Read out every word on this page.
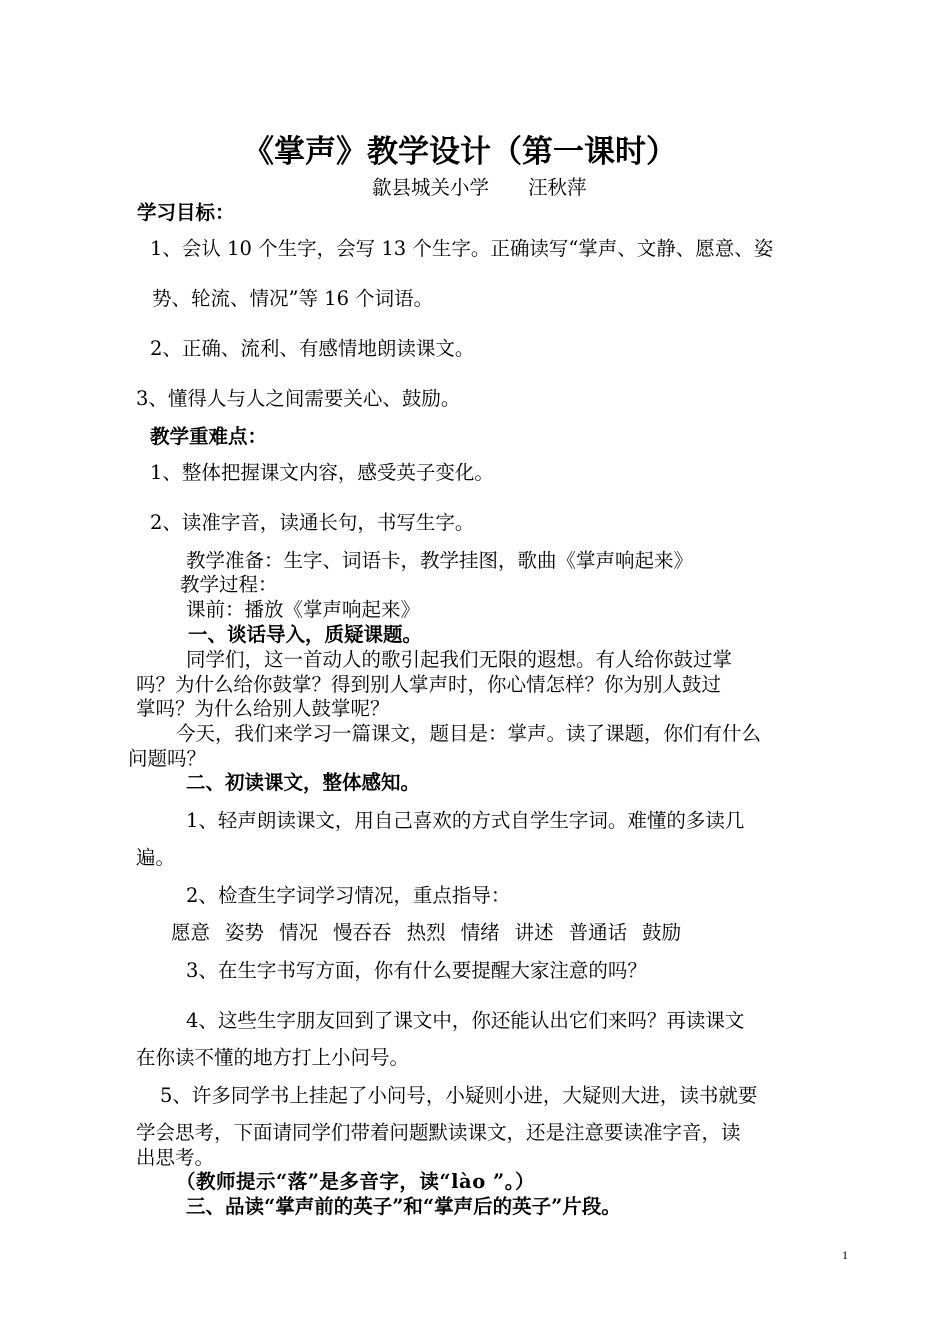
《掌声》教学设计（第一课时）

歙县城关小学　　汪秋萍

学习目标：

1、会认 10 个生字，会写 13 个生字。正确读写“掌声、文静、愿意、姿

势、轮流、情况”等 16 个词语。

2、正确、流利、有感情地朗读课文。

3、懂得人与人之间需要关心、鼓励。

教学重难点：

1、整体把握课文内容，感受英子变化。

2、读准字音，读通长句，书写生字。

教学准备：生字、词语卡，教学挂图，歌曲《掌声响起来》

教学过程：

课前：播放《掌声响起来》

一、谈话导入，质疑课题。

同学们，这一首动人的歌引起我们无限的遐想。有人给你鼓过掌

吗？为什么给你鼓掌？得到别人掌声时，你心情怎样？你为别人鼓过

掌吗？为什么给别人鼓掌呢？

今天，我们来学习一篇课文，题目是：掌声。读了课题，你们有什么

问题吗？

二、初读课文，整体感知。

1、轻声朗读课文，用自己喜欢的方式自学生字词。难懂的多读几

遍。

2、检查生字词学习情况，重点指导：

愿意 姿势 情况 慢吞吞 热烈 情绪 讲述 普通话 鼓励

3、在生字书写方面，你有什么要提醒大家注意的吗？

4、这些生字朋友回到了课文中，你还能认出它们来吗？再读课文

在你读不懂的地方打上小问号。

5、许多同学书上挂起了小问号，小疑则小进，大疑则大进，读书就要

学会思考，下面请同学们带着问题默读课文，还是注意要读准字音，读

出思考。

（教师提示“落”是多音字，读“lào ”。）

三、品读“掌声前的英子”和“掌声后的英子”片段。

1
